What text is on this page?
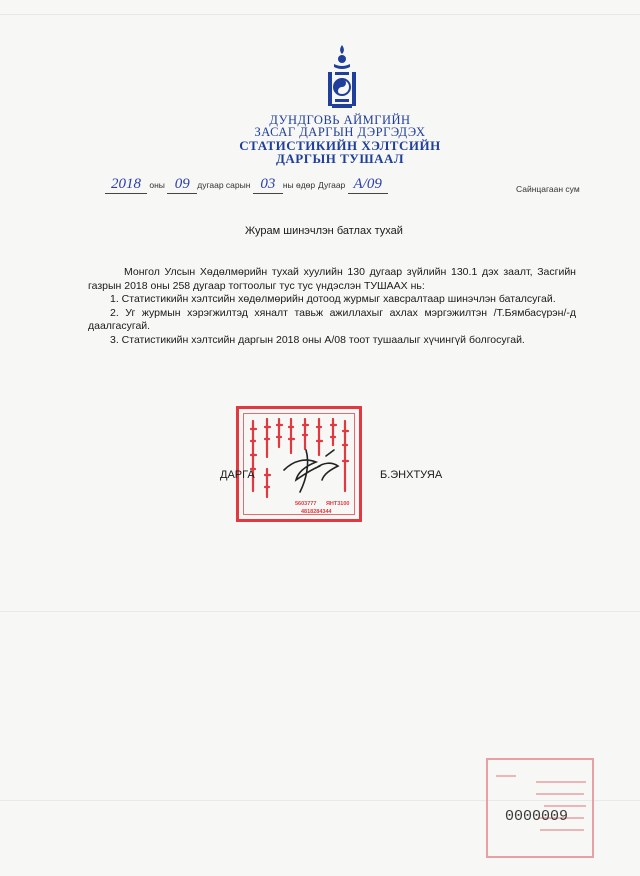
ДУНДГОВЬ АЙМГИЙН
ЗАСАГ ДАРГЫН ДЭРГЭДЭХ
СТАТИСТИКИЙН ХЭЛТСИЙН
ДАРГЫН ТУШААЛ
2018 оны 09 дугаар сарын 03 ны өдөр Дугаар А/09	Сайнцагаан сум
Журам шинэчлэн батлах тухай

Монгол Улсын Хөдөлмөрийн тухай хуулийн 130 дугаар зүйлийн 130.1 дэх заалт, Засгийн газрын 2018 оны 258 дугаар тогтоолыг тус тус үндэслэн ТУШААХ нь:

1. Статистикийн хэлтсийн хөдөлмөрийн дотоод журмыг хавсралтаар шинэчлэн баталсугай.

2. Уг журмын хэрэгжилтэд хяналт тавьж ажиллахыг ахлах мэргэжилтэн /Т.Бямбасүрэн/-д даалгасугай.

3. Статистикийн хэлтсийн даргын 2018 оны А/08 тоот тушаалыг хүчингүй болгосугай.

5603777 ЯНТ3100
4818284344
ДАРГА	Б.ЭНХТУЯА
0000009
